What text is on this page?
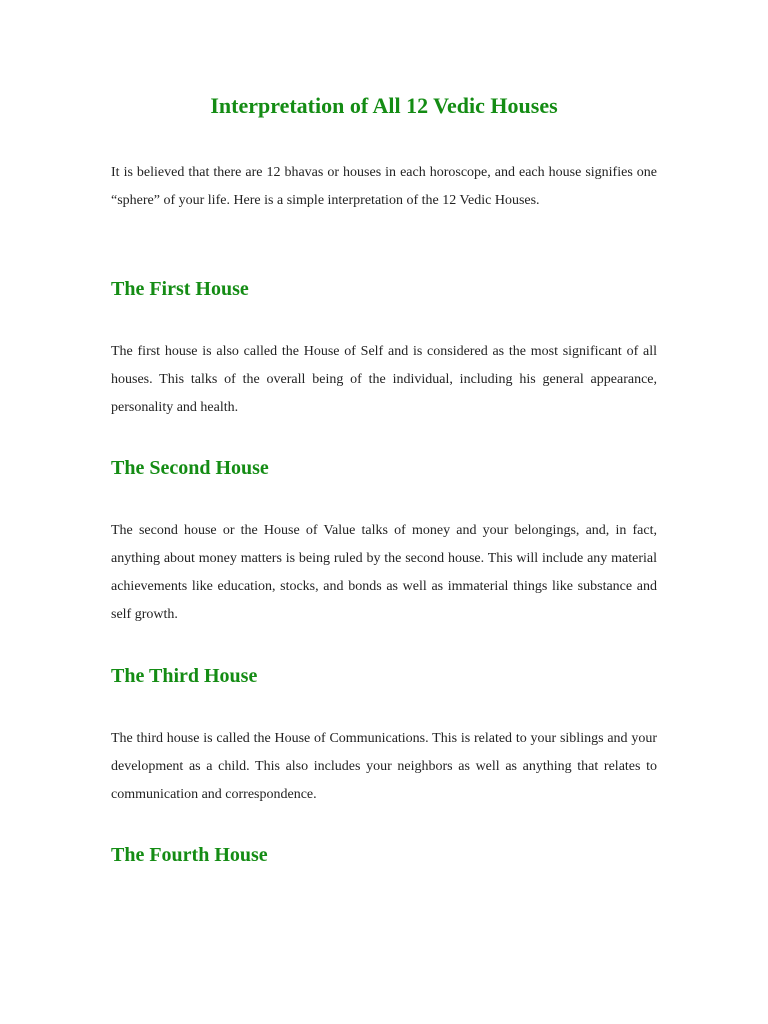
Interpretation of All 12 Vedic Houses

It is believed that there are 12 bhavas or houses in each horoscope, and each house signifies one “sphere” of your life. Here is a simple interpretation of the 12 Vedic Houses.

The First House

The first house is also called the House of Self and is considered as the most significant of all houses. This talks of the overall being of the individual, including his general appearance, personality and health.

The Second House

The second house or the House of Value talks of money and your belongings, and, in fact, anything about money matters is being ruled by the second house. This will include any material achievements like education, stocks, and bonds as well as immaterial things like substance and self growth.

The Third House

The third house is called the House of Communications. This is related to your siblings and your development as a child. This also includes your neighbors as well as anything that relates to communication and correspondence.

The Fourth House
